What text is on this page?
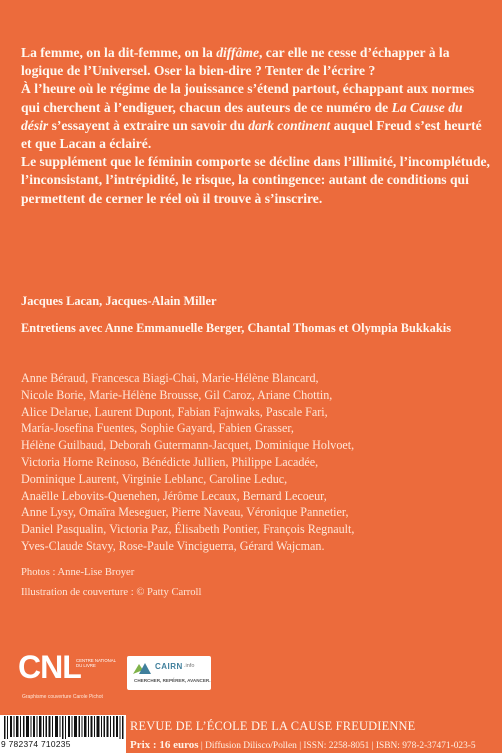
La femme, on la dit-femme, on la diffâme, car elle ne cesse d’échapper à la logique de l’Universel. Oser la bien-dire ? Tenter de l’écrire ?

À l’heure où le régime de la jouissance s’étend partout, échappant aux normes qui cherchent à l’endiguer, chacun des auteurs de ce numéro de La Cause du désir s’essayent à extraire un savoir du dark continent auquel Freud s’est heurté et que Lacan a éclairé.

Le supplément que le féminin comporte se décline dans l’illimité, l’incomplétude, l’inconsistant, l’intrépidité, le risque, la contingence: autant de conditions qui permettent de cerner le réel où il trouve à s’inscrire.

Jacques Lacan, Jacques-Alain Miller
Entretiens avec Anne Emmanuelle Berger, Chantal Thomas et Olympia Bukkakis
Anne Béraud, Francesca Biagi-Chai, Marie-Hélène Blancard,
Nicole Borie, Marie-Hélène Brousse, Gil Caroz, Ariane Chottin,
Alice Delarue, Laurent Dupont, Fabian Fajnwaks, Pascale Fari,
María-Josefina Fuentes, Sophie Gayard, Fabien Grasser,
Hélène Guilbaud, Deborah Gutermann-Jacquet, Dominique Holvoet,
Victoria Horne Reinoso, Bénédicte Jullien, Philippe Lacadée,
Dominique Laurent, Virginie Leblanc, Caroline Leduc,
Anaëlle Lebovits-Quenehen, Jérôme Lecaux, Bernard Lecoeur,
Anne Lysy, Omaïra Meseguer, Pierre Naveau, Véronique Pannetier,
Daniel Pasqualin, Victoria Paz, Élisabeth Pontier, François Regnault,
Yves-Claude Stavy, Rose-Paule Vinciguerra, Gérard Wajcman.
Photos : Anne-Lise Broyer
Illustration de couverture : © Patty Carroll
CNL
CENTRE NATIONAL DU LIVRE
Graphisme couverture Carole Pichot
CAIRN .info
CHERCHER, REPÉRER, AVANCER.
9 782374 710235
REVUE DE L’ÉCOLE DE LA CAUSE FREUDIENNE
Prix : 16 euros | Diffusion Dilisco/Pollen | ISSN: 2258-8051 | ISBN: 978-2-37471-023-5
